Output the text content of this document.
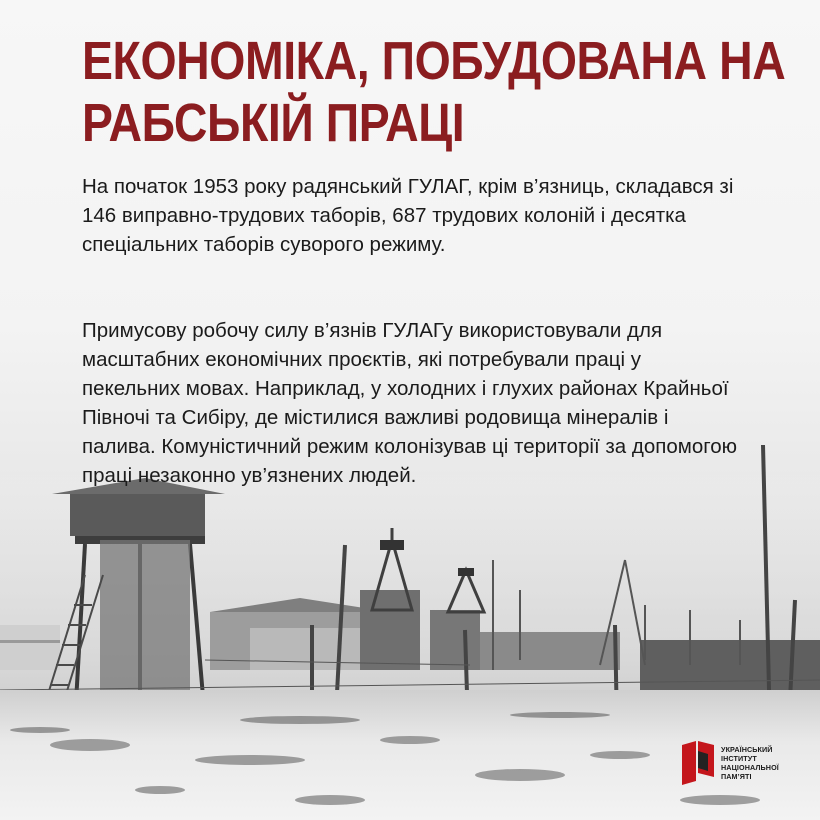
ЕКОНОМІКА, ПОБУДОВАНА НА
РАБСЬКІЙ ПРАЦІ

На початок 1953 року радянський ГУЛАГ, крім в’язниць, складався зі 146 виправно-трудових таборів, 687 трудових колоній і десятка спеціальних таборів суворого режиму.

Примусову робочу силу в’язнів ГУЛАГу використовували для масштабних економічних проєктів, які потребували праці у пекельних мовах. Наприклад, у холодних і глухих районах Крайньої Півночі та Сибіру, де містилися важливі родовища мінералів і палива. Комуністичний режим колонізував ці території за допомогою праці незаконно ув’язнених людей.

УКРАЇНСЬКИЙ
ІНСТИТУТ
НАЦІОНАЛЬНОЇ
ПАМ’ЯТІ
